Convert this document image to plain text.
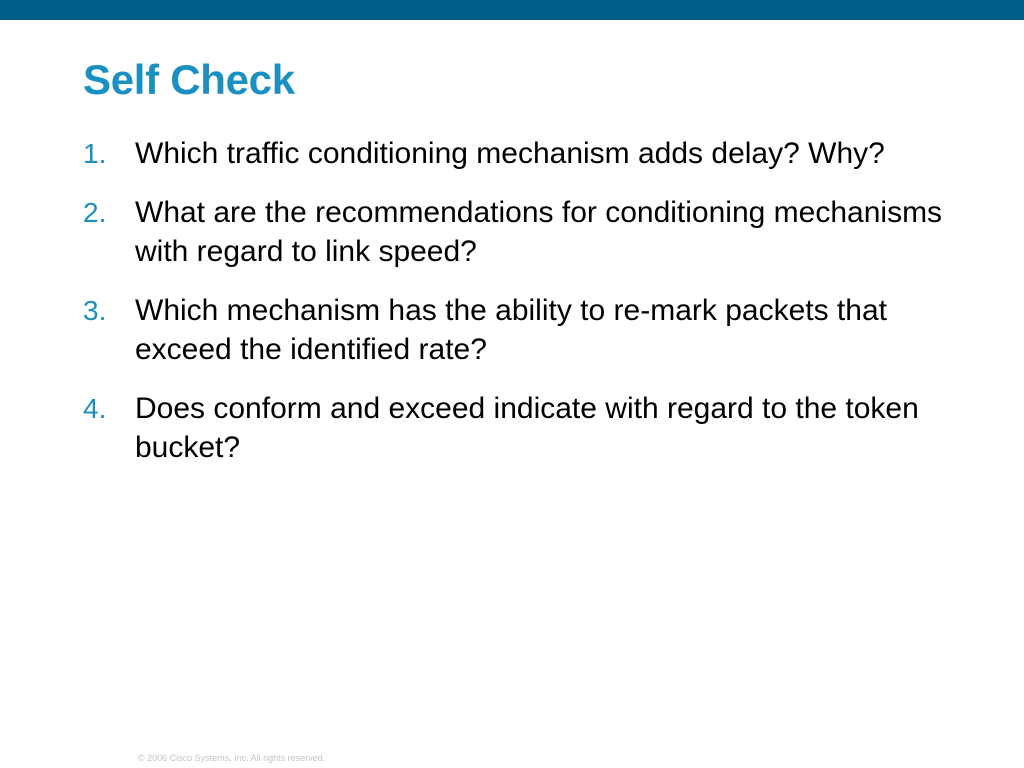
Self Check
1. Which traffic conditioning mechanism adds delay? Why?
2. What are the recommendations for conditioning mechanisms with regard to link speed?
3. Which mechanism has the ability to re-mark packets that exceed the identified rate?
4. Does conform and exceed indicate with regard to the token bucket?
© 2006 Cisco Systems, Inc. All rights reserved.
